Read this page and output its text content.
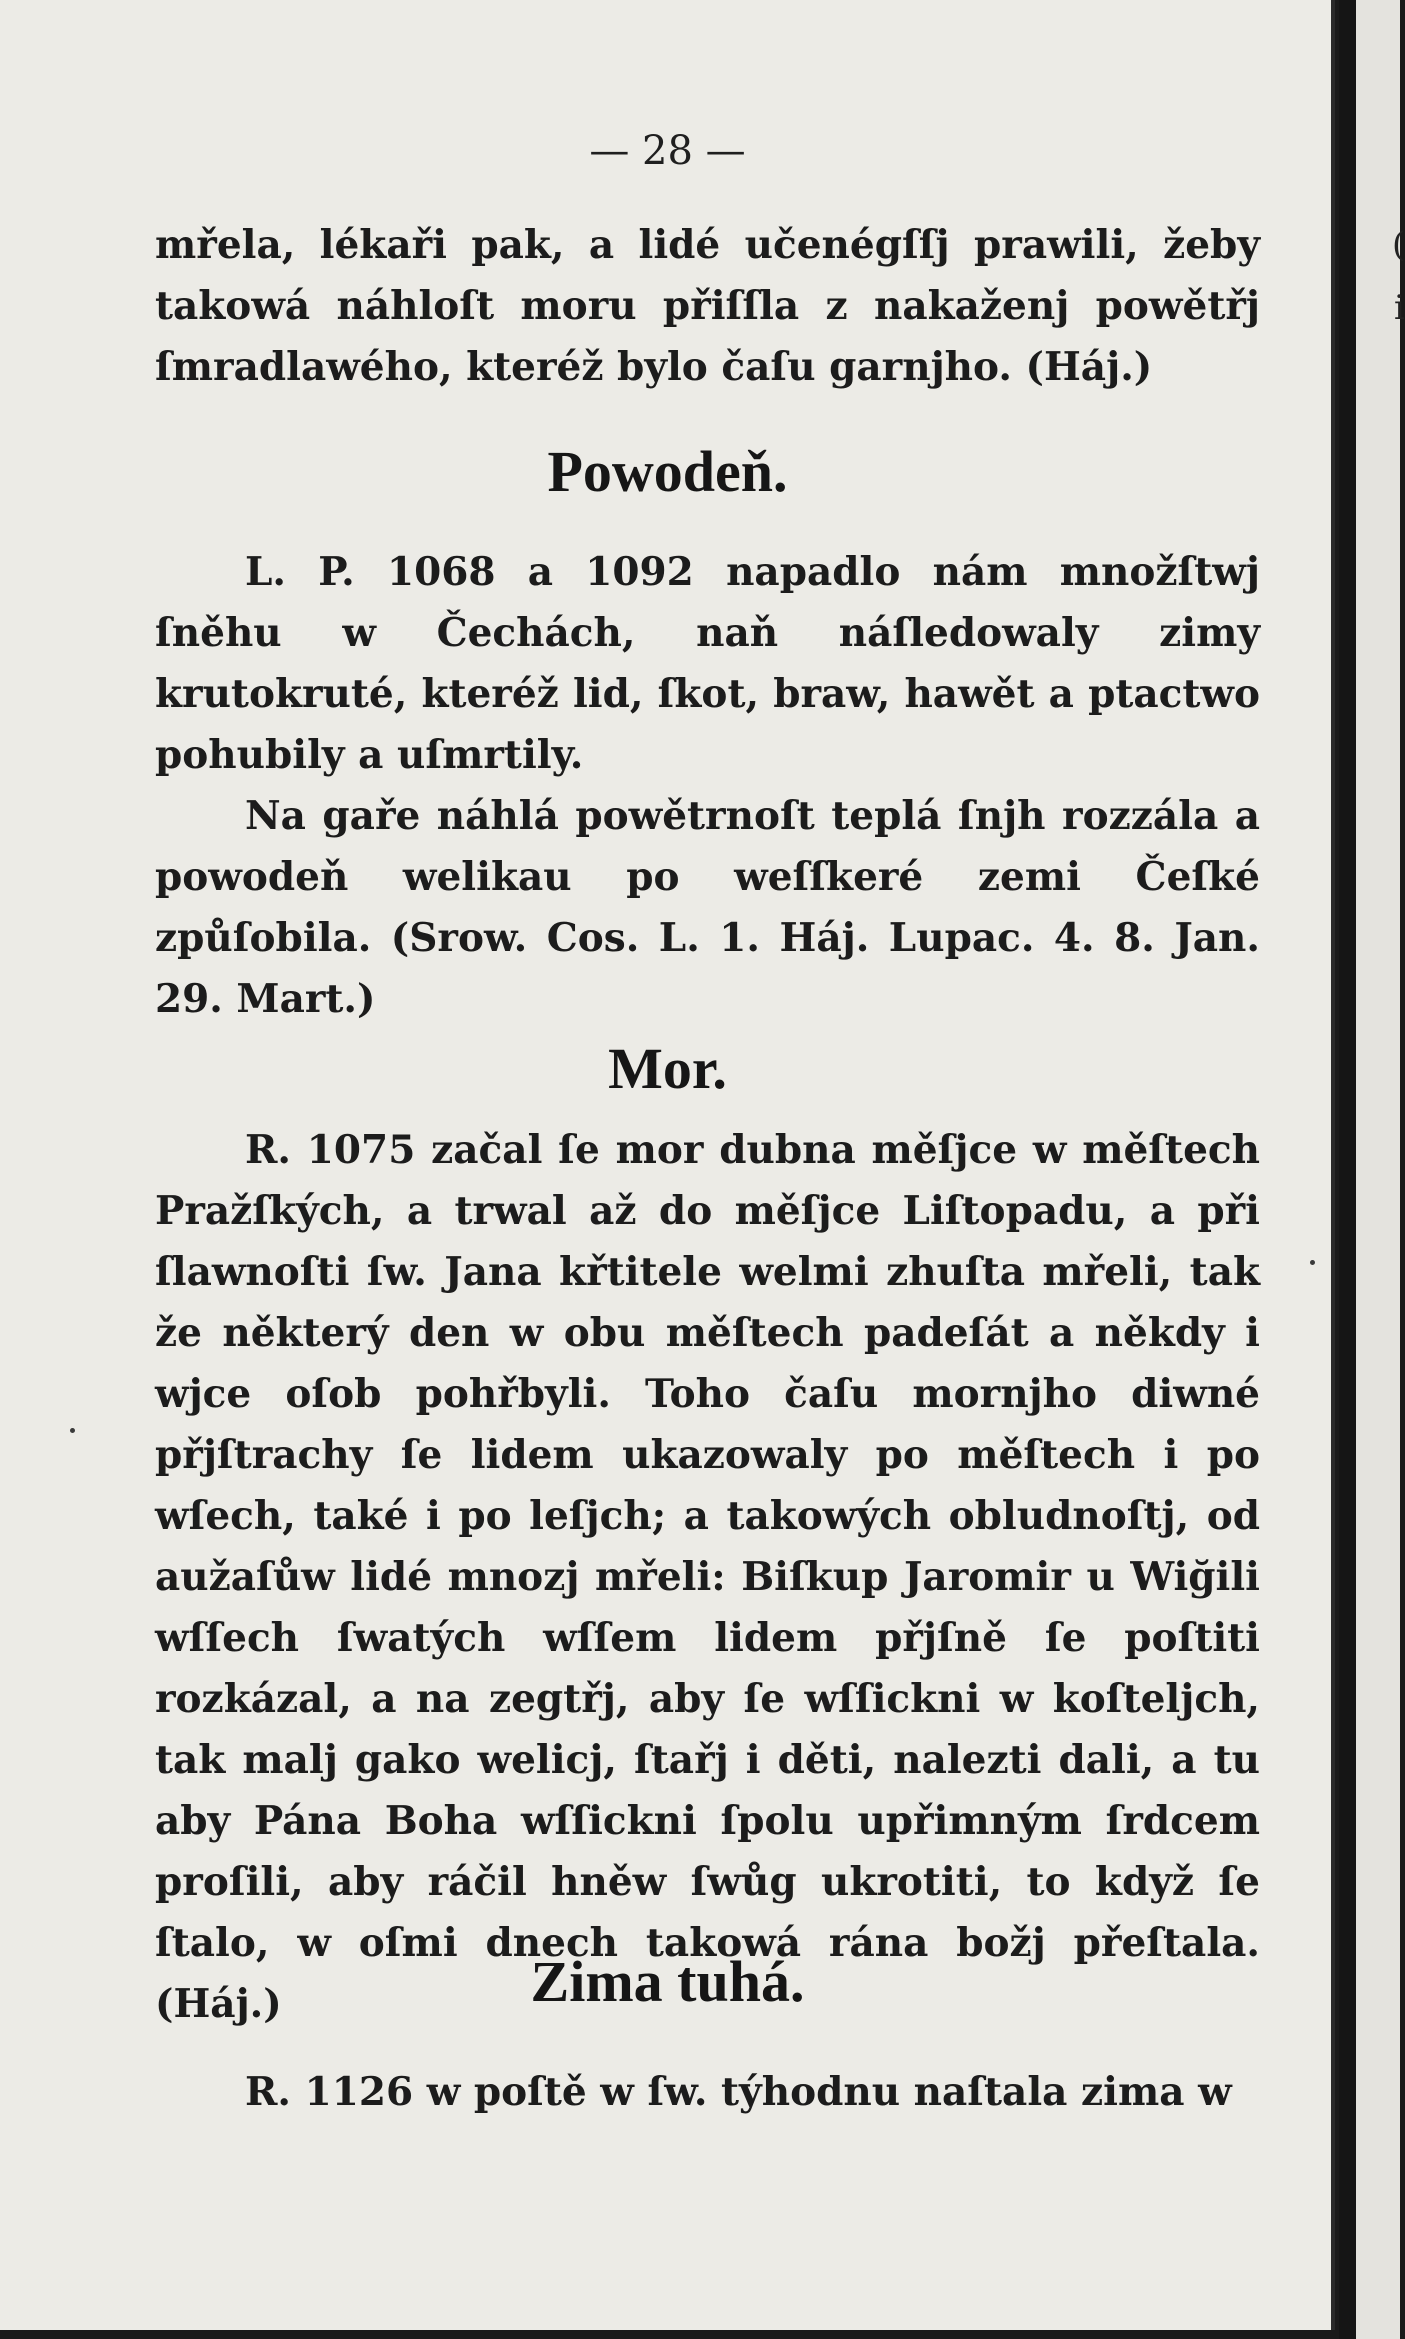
— 28 —

mřela, lékaři pak, a lidé učenégſſj prawili, žeby takowá náhloſt moru přiſſla z nakaženj powětřj ſmradlawého, kteréž bylo čaſu garnjho. (Háj.)

Powodeň.

L. P. 1068 a 1092 napadlo nám množſtwj ſněhu w Čechách, naň náſledowaly zimy krutokruté, kteréž lid, ſkot, braw, hawět a ptactwo pohubily a uſmrtily.

Na gaře náhlá powětrnoſt teplá ſnjh rozzála a powodeň welikau po weſſkeré zemi Čeſké způſobila. (Srow. Cos. L. 1. Háj. Lupac. 4. 8. Jan. 29. Mart.)

Mor.

R. 1075 začal ſe mor dubna měſjce w měſtech Pražſkých, a trwal až do měſjce Liſtopadu, a při ſlawnoſti ſw. Jana křtitele welmi zhuſta mřeli, tak že některý den w obu měſtech padeſát a někdy i wjce oſob pohřbyli. Toho čaſu mornjho diwné přjſtrachy ſe lidem ukazowaly po měſtech i po wſech, také i po leſjch; a takowých obludnoſtj, od aužaſůw lidé mnozj mřeli: Biſkup Jaromir u Wiğili wſſech ſwatých wſſem lidem přjſně ſe poſtiti rozkázal, a na zegtřj, aby ſe wſſickni w koſteljch, tak malj gako welicj, ſtařj i děti, nalezti dali, a tu aby Pána Boha wſſickni ſpolu upřimným ſrdcem proſili, aby ráčil hněw ſwůg ukrotiti, to když ſe ſtalo, w oſmi dnech takowá rána božj přeſtala. (Háj.)	Zima tuhá.

R. 1126 w poſtě w ſw. týhodnu naſtala zima w

(
i
